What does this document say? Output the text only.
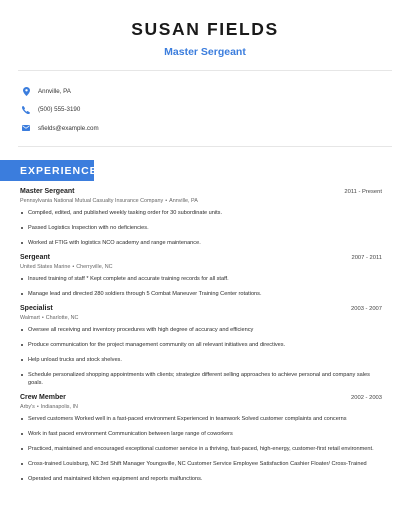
SUSAN FIELDS
Master Sergeant
Annville, PA
(500) 555-3190
sfields@example.com
EXPERIENCE
Master Sergeant	2011 - Present
Pennsylvania National Mutual Casualty Insurance Company • Annville, PA
Compiled, edited, and published weekly tasking order for 30 subordinate units.
Passed Logistics Inspection with no deficiencies.
Worked at FTIG with logistics NCO academy and range maintenance.
Sergeant	2007 - 2011
United States Marine • Cherryville, NC
Insured training of staff * Kept complete and accurate training records for all staff.
Manage lead and directed 280 soldiers through 5 Combat Maneuver Training Center rotations.
Specialist	2003 - 2007
Walmart • Charlotte, NC
Oversee all receiving and inventory procedures with high degree of accuracy and efficiency
Produce communication for the project management community on all relevant initiatives and directives.
Help unload trucks and stock shelves.
Schedule personalized shopping appointments with clients; strategize different selling approaches to achieve personal and company sales goals.
Crew Member	2002 - 2003
Arby's • Indianapolis, IN
Served customers Worked well in a fast-paced environment Experienced in teamwork Solved customer complaints and concerns
Work in fast paced environment Communication between large range of coworkers
Practiced, maintained and encouraged exceptional customer service in a thriving, fast-paced, high-energy, customer-first retail environment.
Cross-trained Louisburg, NC 3rd Shift Manager Youngsville, NC Customer Service Employee Satisfaction Cashier Floater/ Cross-Trained
Operated and maintained kitchen equipment and reports malfunctions.
